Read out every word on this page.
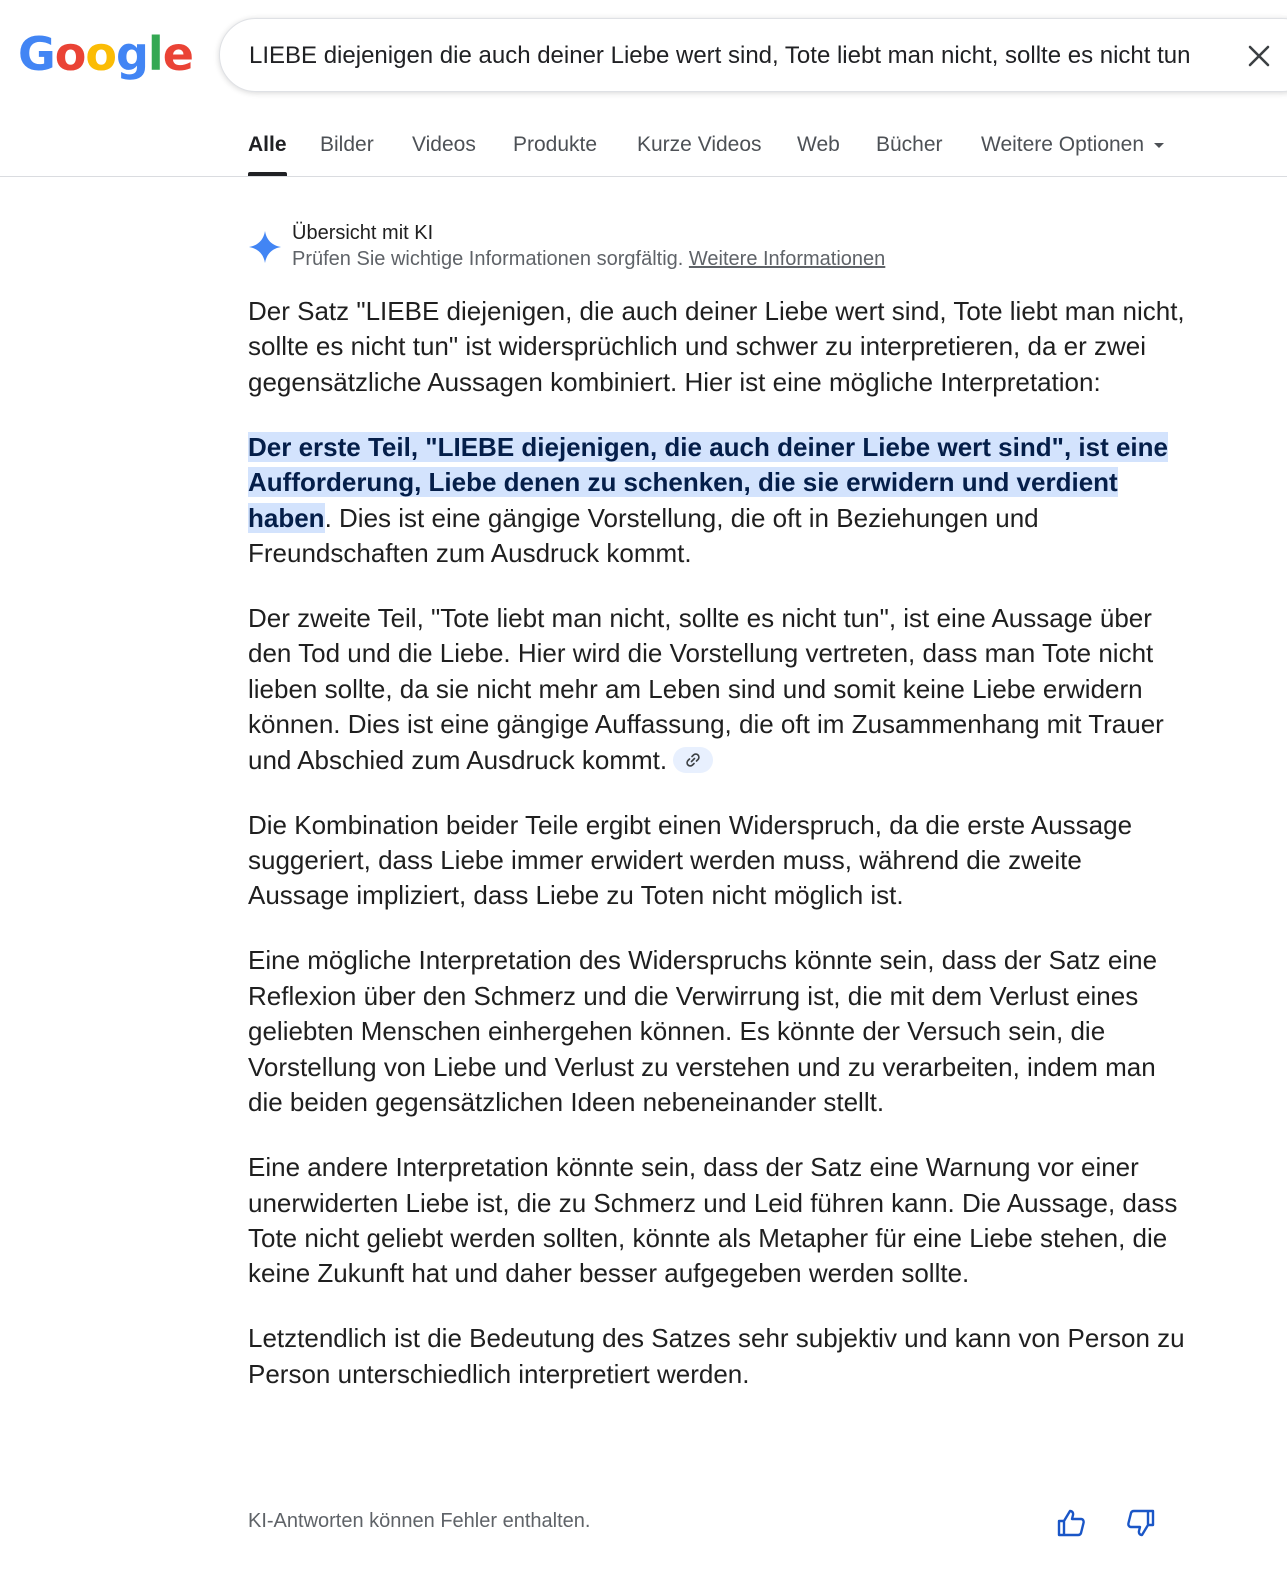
Google
LIEBE diejenigen die auch deiner Liebe wert sind, Tote liebt man nicht, sollte es nicht tun
Alle Bilder Videos Produkte Kurze Videos Web Bücher Weitere Optionen
Übersicht mit KI
Prüfen Sie wichtige Informationen sorgfältig. Weitere Informationen

Der Satz "LIEBE diejenigen, die auch deiner Liebe wert sind, Tote liebt man nicht, sollte es nicht tun" ist widersprüchlich und schwer zu interpretieren, da er zwei gegensätzliche Aussagen kombiniert. Hier ist eine mögliche Interpretation:

Der erste Teil, "LIEBE diejenigen, die auch deiner Liebe wert sind", ist eine Aufforderung, Liebe denen zu schenken, die sie erwidern und verdient haben. Dies ist eine gängige Vorstellung, die oft in Beziehungen und Freundschaften zum Ausdruck kommt.

Der zweite Teil, "Tote liebt man nicht, sollte es nicht tun", ist eine Aussage über den Tod und die Liebe. Hier wird die Vorstellung vertreten, dass man Tote nicht lieben sollte, da sie nicht mehr am Leben sind und somit keine Liebe erwidern können. Dies ist eine gängige Auffassung, die oft im Zusammenhang mit Trauer und Abschied zum Ausdruck kommt.

Die Kombination beider Teile ergibt einen Widerspruch, da die erste Aussage suggeriert, dass Liebe immer erwidert werden muss, während die zweite Aussage impliziert, dass Liebe zu Toten nicht möglich ist.

Eine mögliche Interpretation des Widerspruchs könnte sein, dass der Satz eine Reflexion über den Schmerz und die Verwirrung ist, die mit dem Verlust eines geliebten Menschen einhergehen können. Es könnte der Versuch sein, die Vorstellung von Liebe und Verlust zu verstehen und zu verarbeiten, indem man die beiden gegensätzlichen Ideen nebeneinander stellt.

Eine andere Interpretation könnte sein, dass der Satz eine Warnung vor einer unerwiderten Liebe ist, die zu Schmerz und Leid führen kann. Die Aussage, dass Tote nicht geliebt werden sollten, könnte als Metapher für eine Liebe stehen, die keine Zukunft hat und daher besser aufgegeben werden sollte.

Letztendlich ist die Bedeutung des Satzes sehr subjektiv und kann von Person zu Person unterschiedlich interpretiert werden.

KI-Antworten können Fehler enthalten.
